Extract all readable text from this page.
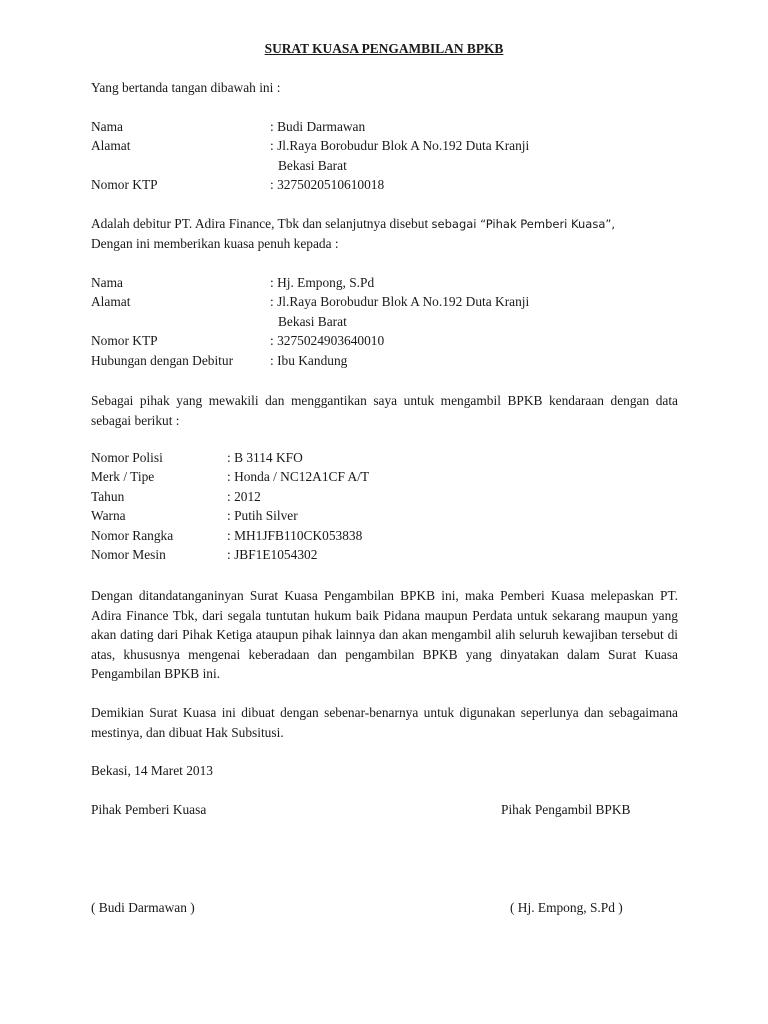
SURAT KUASA PENGAMBILAN BPKB
Yang bertanda tangan dibawah ini :
Nama	: Budi Darmawan
Alamat	: Jl.Raya Borobudur Blok A No.192 Duta Kranji
Bekasi Barat
Nomor KTP	: 3275020510610018
Adalah debitur PT. Adira Finance, Tbk dan selanjutnya disebut sebagai “Pihak Pemberi Kuasa”,
Dengan ini memberikan kuasa penuh kepada :
Nama	: Hj. Empong, S.Pd
Alamat	: Jl.Raya Borobudur Blok A No.192 Duta Kranji
Bekasi Barat
Nomor KTP	: 3275024903640010
Hubungan dengan Debitur	: Ibu Kandung
Sebagai pihak yang mewakili dan menggantikan saya untuk mengambil BPKB kendaraan dengan data sebagai berikut :
Nomor Polisi	: B 3114 KFO
Merk / Tipe	: Honda / NC12A1CF A/T
Tahun	: 2012
Warna	: Putih Silver
Nomor Rangka	: MH1JFB110CK053838
Nomor Mesin	: JBF1E1054302
Dengan ditandatanganinyan Surat Kuasa Pengambilan BPKB ini, maka Pemberi Kuasa melepaskan PT. Adira Finance Tbk, dari segala tuntutan hukum baik Pidana maupun Perdata untuk sekarang maupun yang akan dating dari Pihak Ketiga ataupun pihak lainnya dan akan mengambil alih seluruh kewajiban tersebut di atas, khususnya mengenai keberadaan dan pengambilan BPKB yang dinyatakan dalam Surat Kuasa Pengambilan BPKB ini.
Demikian Surat Kuasa ini dibuat dengan sebenar-benarnya untuk digunakan seperlunya dan sebagaimana mestinya, dan dibuat Hak Subsitusi.
Bekasi, 14 Maret 2013
Pihak Pemberi Kuasa	Pihak Pengambil BPKB
( Budi Darmawan )	( Hj. Empong, S.Pd )
